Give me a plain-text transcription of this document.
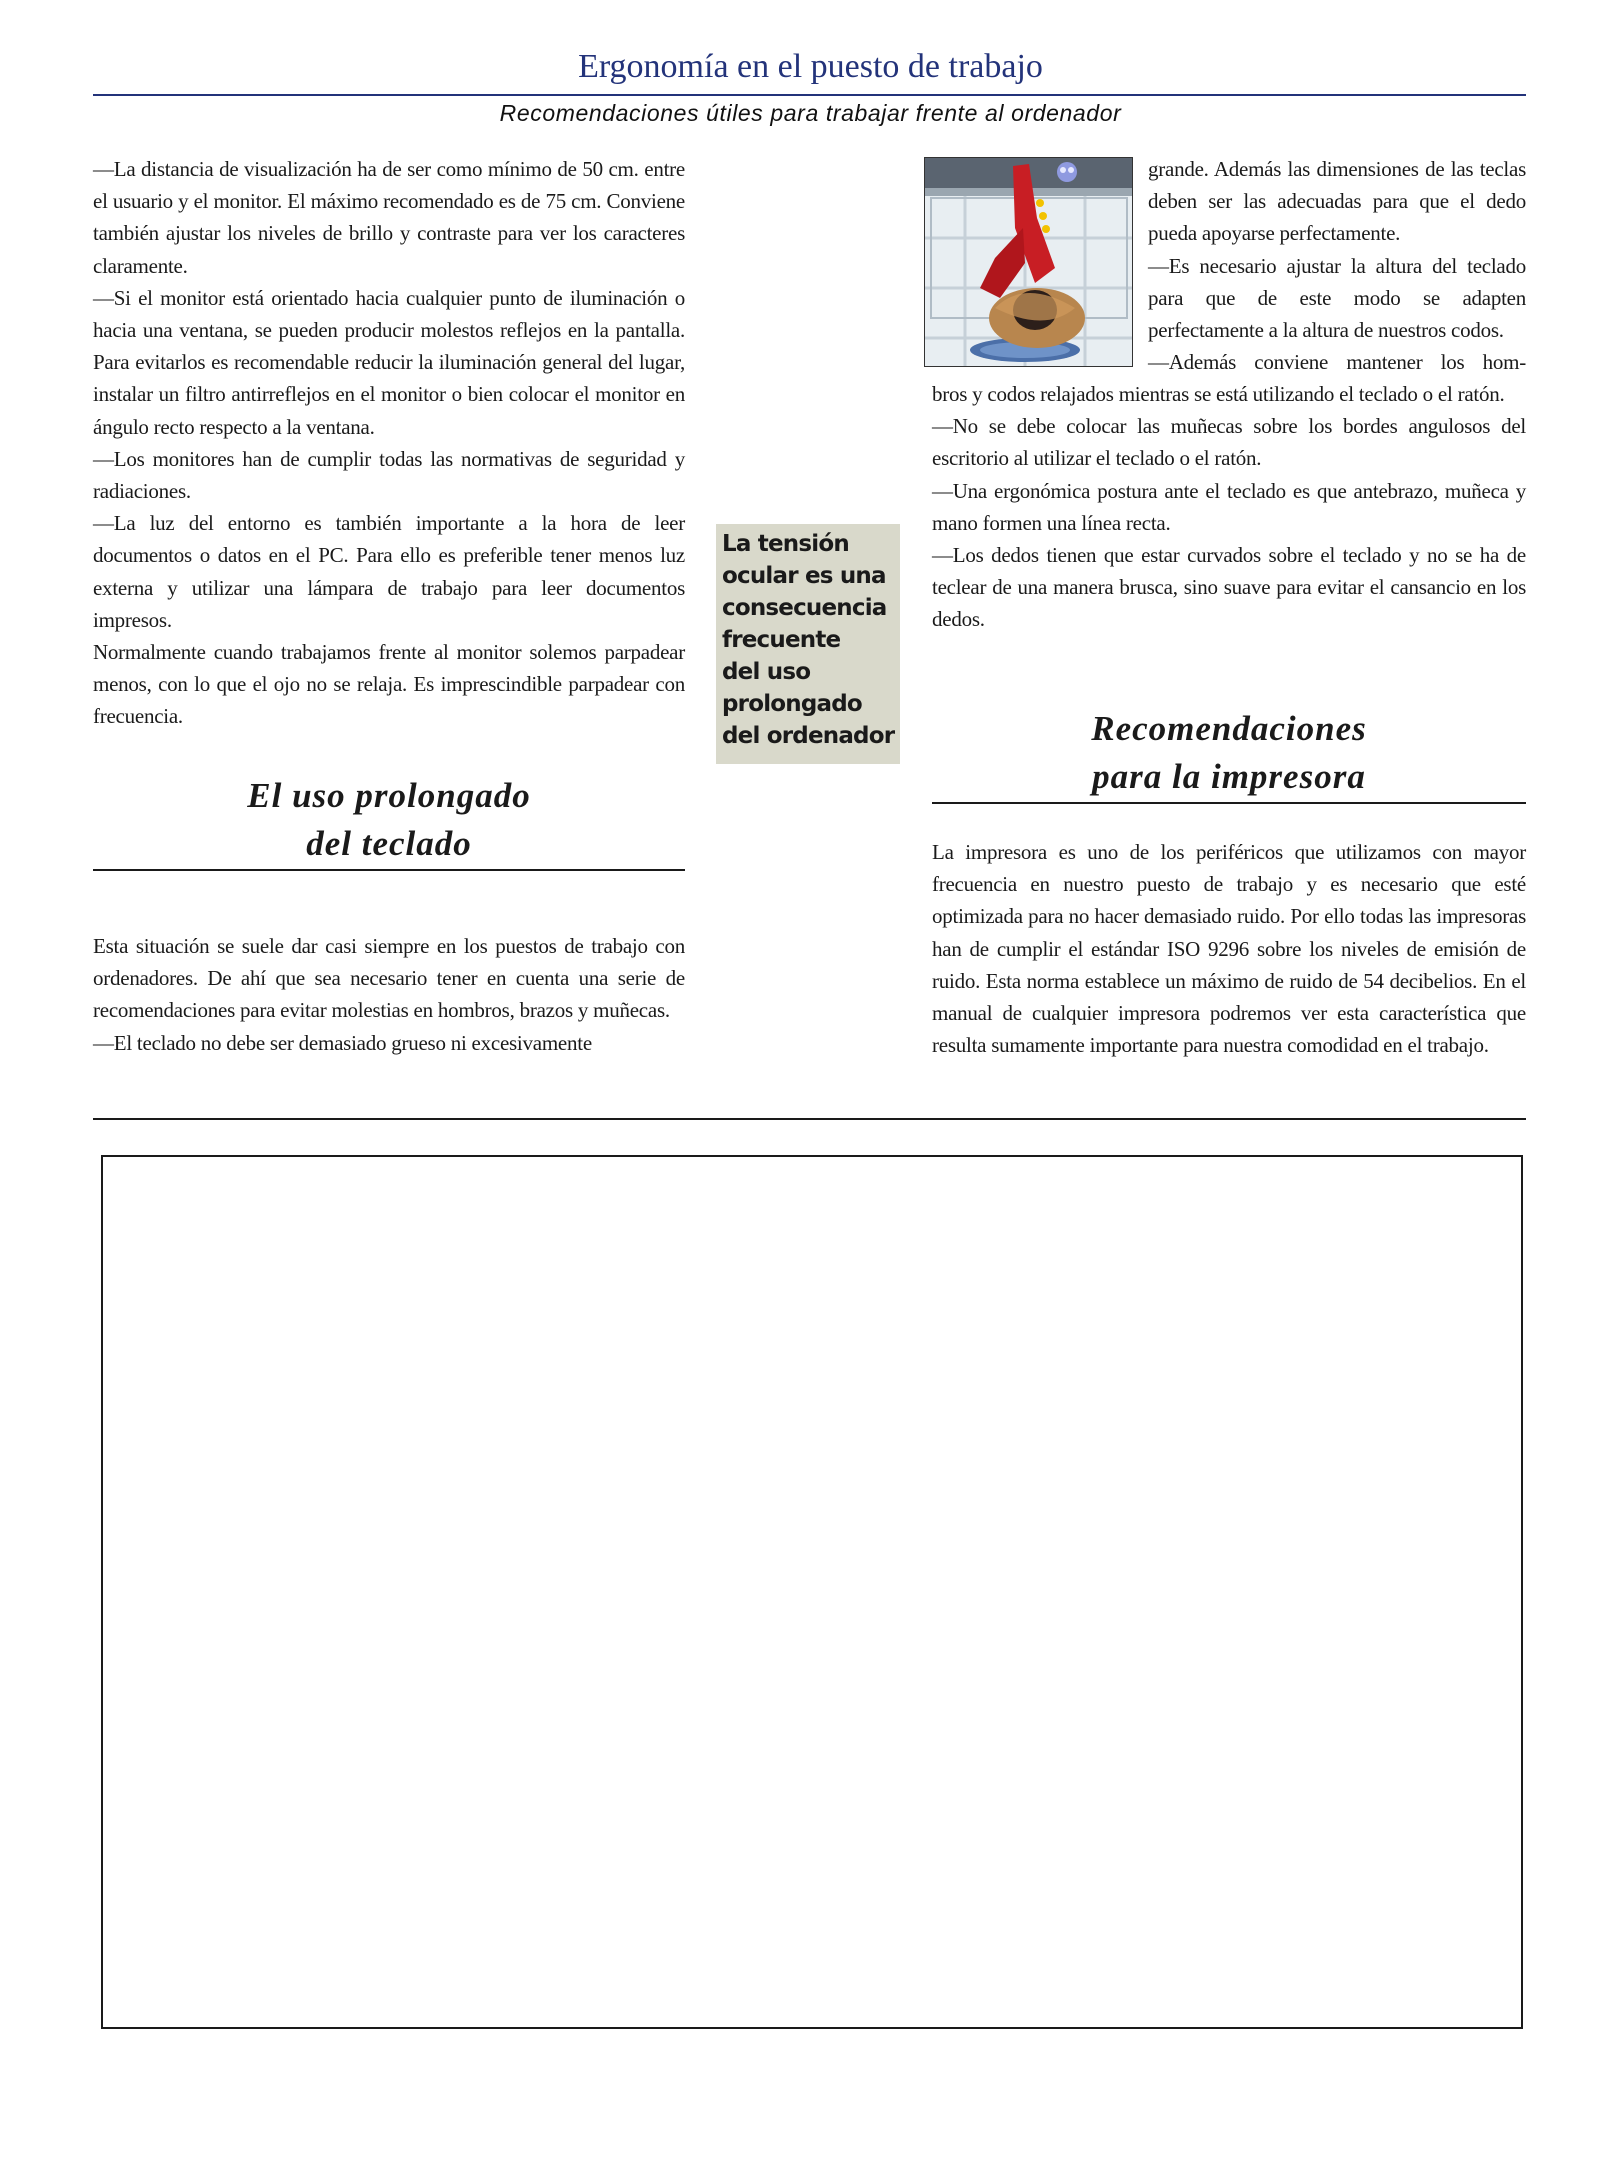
Ergonomía en el puesto de trabajo
Recomendaciones útiles para trabajar frente al ordenador

—La distancia de visualización ha de ser como mínimo de 50 cm. entre el usuario y el monitor. El máximo recomendado es de 75 cm. Conviene también ajustar los niveles de brillo y contraste para ver los caracteres claramente.

—Si el monitor está orientado hacia cualquier punto de iluminación o hacia una ventana, se pueden producir molestos reflejos en la pantalla. Para evitarlos es recomendable reducir la iluminación general del lugar, instalar un filtro antirreflejos en el monitor o bien colocar el monitor en ángulo recto respecto a la ventana.

—Los monitores han de cumplir todas las normativas de seguridad y radiaciones.

—La luz del entorno es también importante a la hora de leer documentos o datos en el PC. Para ello es preferible tener menos luz externa y utilizar una lámpara de trabajo para leer documentos impresos.

Normalmente cuando trabajamos frente al monitor solemos parpadear menos, con lo que el ojo no se relaja. Es imprescindible parpadear con frecuencia.

El uso prolongado
del teclado

Esta situación se suele dar casi siempre en los puestos de trabajo con ordenadores. De ahí que sea necesario tener en cuenta una serie de recomendaciones para evitar molestias en hombros, brazos y muñecas.

—El teclado no debe ser demasiado grueso ni excesivamente

La tensión
ocular es una
consecuencia
frecuente
del uso
prolongado
del ordenador

grande. Además las dimensiones de las teclas deben ser las adecuadas para que el dedo pueda apoyarse perfectamente.

—Es necesario ajustar la altura del teclado para que de este modo se adapten perfectamente a la altura de nuestros codos.

—Además conviene mantener los hom-

bros y codos relajados mientras se está utilizando el teclado o el ratón.

—No se debe colocar las muñecas sobre los bordes angulosos del escritorio al utilizar el teclado o el ratón.

—Una ergonómica postura ante el teclado es que antebrazo, muñeca y mano formen una línea recta.

—Los dedos tienen que estar curvados sobre el teclado y no se ha de teclear de una manera brusca, sino suave para evitar el cansancio en los dedos.

Recomendaciones
para la impresora

La impresora es uno de los periféricos que utilizamos con mayor frecuencia en nuestro puesto de trabajo y es necesario que esté optimizada para no hacer demasiado ruido. Por ello todas las impresoras han de cumplir el estándar ISO 9296 sobre los niveles de emisión de ruido. Esta norma establece un máximo de ruido de 54 decibelios. En el manual de cualquier impresora podremos ver esta característica que resulta sumamente importante para nuestra comodidad en el trabajo.
